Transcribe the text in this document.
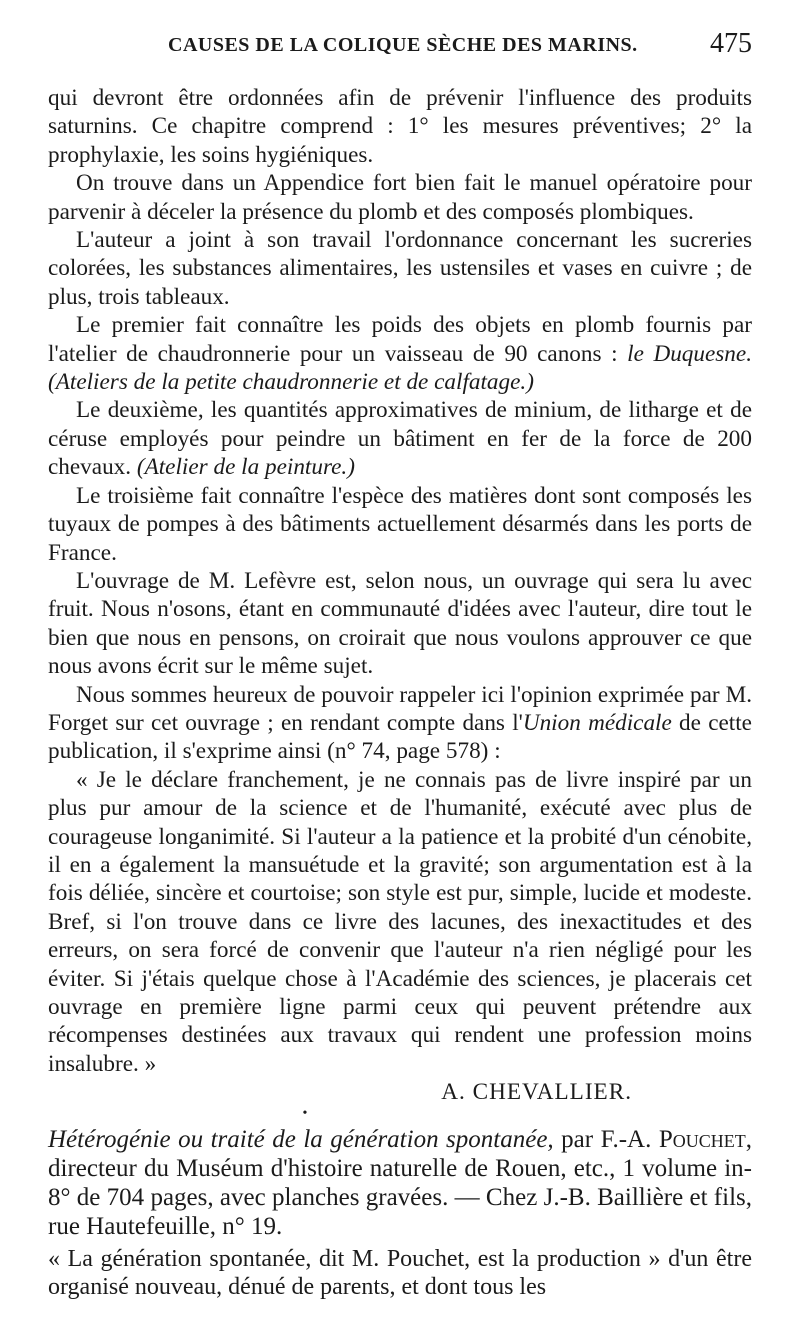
CAUSES DE LA COLIQUE SÈCHE DES MARINS.	475

qui devront être ordonnées afin de prévenir l'influence des produits saturnins. Ce chapitre comprend : 1° les mesures préventives; 2° la prophylaxie, les soins hygiéniques.

On trouve dans un Appendice fort bien fait le manuel opératoire pour parvenir à déceler la présence du plomb et des composés plombiques.

L'auteur a joint à son travail l'ordonnance concernant les sucreries colorées, les substances alimentaires, les ustensiles et vases en cuivre ; de plus, trois tableaux.

Le premier fait connaître les poids des objets en plomb fournis par l'atelier de chaudronnerie pour un vaisseau de 90 canons : le Duquesne. (Ateliers de la petite chaudronnerie et de calfatage.)

Le deuxième, les quantités approximatives de minium, de litharge et de céruse employés pour peindre un bâtiment en fer de la force de 200 chevaux. (Atelier de la peinture.)

Le troisième fait connaître l'espèce des matières dont sont composés les tuyaux de pompes à des bâtiments actuellement désarmés dans les ports de France.

L'ouvrage de M. Lefèvre est, selon nous, un ouvrage qui sera lu avec fruit. Nous n'osons, étant en communauté d'idées avec l'auteur, dire tout le bien que nous en pensons, on croirait que nous voulons approuver ce que nous avons écrit sur le même sujet.

Nous sommes heureux de pouvoir rappeler ici l'opinion exprimée par M. Forget sur cet ouvrage ; en rendant compte dans l'Union médicale de cette publication, il s'exprime ainsi (n° 74, page 578) :

« Je le déclare franchement, je ne connais pas de livre inspiré par un plus pur amour de la science et de l'humanité, exécuté avec plus de courageuse longanimité. Si l'auteur a la patience et la probité d'un cénobite, il en a également la mansuétude et la gravité; son argumentation est à la fois déliée, sincère et courtoise; son style est pur, simple, lucide et modeste. Bref, si l'on trouve dans ce livre des lacunes, des inexactitudes et des erreurs, on sera forcé de convenir que l'auteur n'a rien négligé pour les éviter. Si j'étais quelque chose à l'Académie des sciences, je placerais cet ouvrage en première ligne parmi ceux qui peuvent prétendre aux récompenses destinées aux travaux qui rendent une profession moins insalubre. »

A. CHEVALLIER.

•

Hétérogénie ou traité de la génération spontanée, par F.-A. Pouchet, directeur du Muséum d'histoire naturelle de Rouen, etc., 1 volume in-8° de 704 pages, avec planches gravées. — Chez J.-B. Baillière et fils, rue Hautefeuille, n° 19.

« La génération spontanée, dit M. Pouchet, est la production » d'un être organisé nouveau, dénué de parents, et dont tous les
